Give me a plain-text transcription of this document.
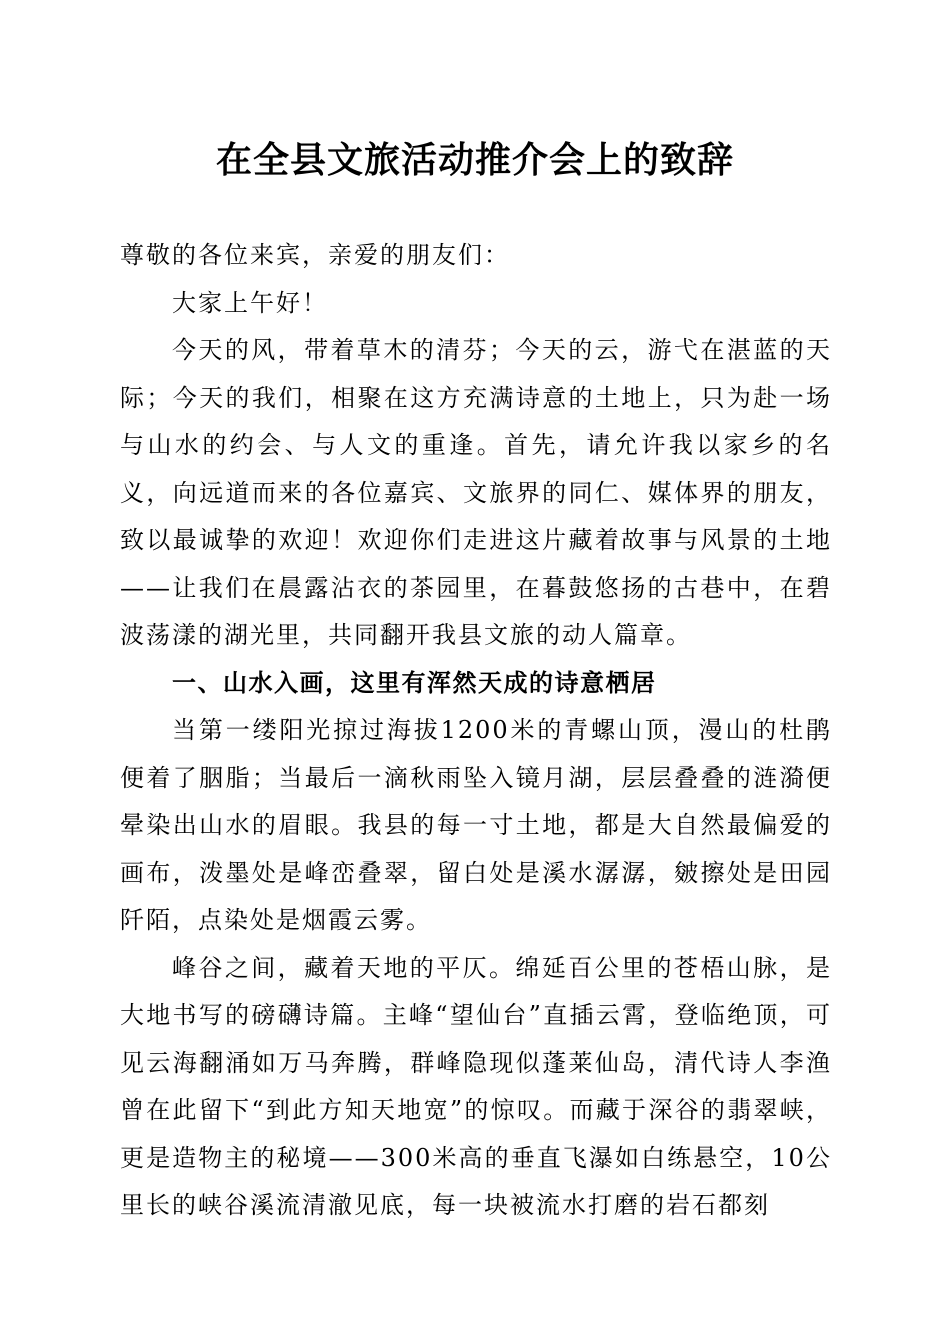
在全县文旅活动推介会上的致辞

尊敬的各位来宾，亲爱的朋友们：

大家上午好！

今天的风，带着草木的清芬；今天的云，游弋在湛蓝的天际；今天的我们，相聚在这方充满诗意的土地上，只为赴一场与山水的约会、与人文的重逢。首先，请允许我以家乡的名义，向远道而来的各位嘉宾、文旅界的同仁、媒体界的朋友，致以最诚挚的欢迎！欢迎你们走进这片藏着故事与风景的土地——让我们在晨露沾衣的茶园里，在暮鼓悠扬的古巷中，在碧波荡漾的湖光里，共同翻开我县文旅的动人篇章。

一、山水入画，这里有浑然天成的诗意栖居

当第一缕阳光掠过海拔1200米的青螺山顶，漫山的杜鹃便着了胭脂；当最后一滴秋雨坠入镜月湖，层层叠叠的涟漪便晕染出山水的眉眼。我县的每一寸土地，都是大自然最偏爱的画布，泼墨处是峰峦叠翠，留白处是溪水潺潺，皴擦处是田园阡陌，点染处是烟霞云雾。

峰谷之间，藏着天地的平仄。绵延百公里的苍梧山脉，是大地书写的磅礴诗篇。主峰“望仙台”直插云霄，登临绝顶，可见云海翻涌如万马奔腾，群峰隐现似蓬莱仙岛，清代诗人李渔曾在此留下“到此方知天地宽”的惊叹。而藏于深谷的翡翠峡，更是造物主的秘境——300米高的垂直飞瀑如白练悬空，10公里长的峡谷溪流清澈见底，每一块被流水打磨的岩石都刻
